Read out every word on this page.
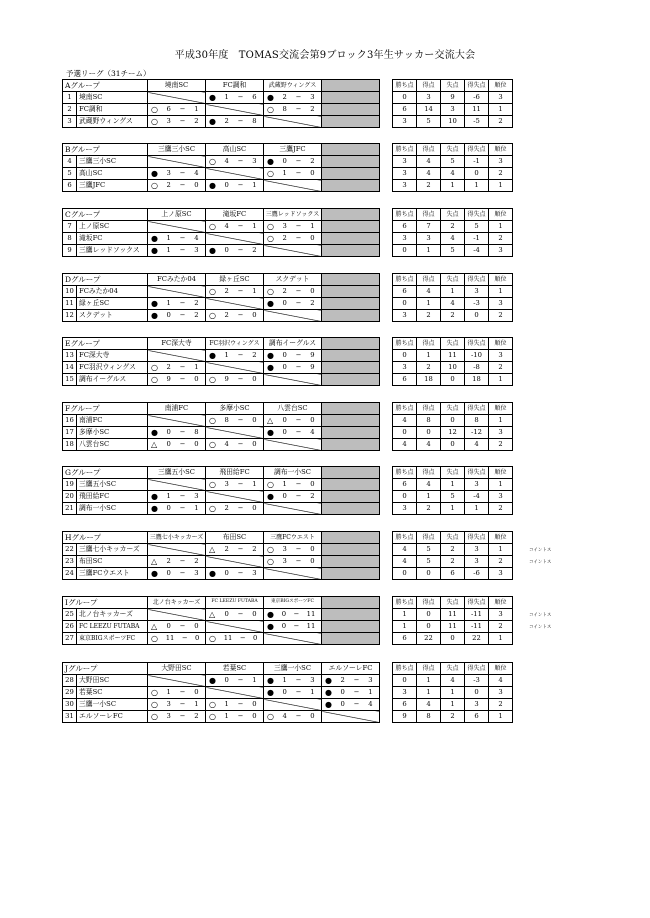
平成30年度　TOMAS交流会第9ブロック3年生サッカー交流大会
予選リーグ（31チーム）
Aグループ		境南SC	FC調和	武蔵野ウィングス			勝ち点	得点	失点	得失点	順位
1	境南SC		● 1 − 6	● 2 − 3			0	3	9	-6	3
2	FC調和	○ 6 − 1		○ 8 − 2			6	14	3	11	1
3	武蔵野ウィングス	○ 3 − 2	● 2 − 8				3	5	10	-5	2
Bグループ		三鷹三小SC	高山SC	三鷹JFC			勝ち点	得点	失点	得失点	順位
4	三鷹三小SC		○ 4 − 3	● 0 − 2			3	4	5	-1	3
5	高山SC	● 3 − 4		○ 1 − 0			3	4	4	0	2
6	三鷹JFC	○ 2 − 0	● 0 − 1				3	2	1	1	1
Cグループ		上ノ原SC	滝坂FC	三鷹レッドソックス			勝ち点	得点	失点	得失点	順位
7	上ノ原SC		○ 4 − 1	○ 3 − 1			6	7	2	5	1
8	滝坂FC	● 1 − 4		○ 2 − 0			3	3	4	-1	2
9	三鷹レッドソックス	● 1 − 3	● 0 − 2				0	1	5	-4	3
Dグループ		FCみたか04	緑ヶ丘SC	スクデット			勝ち点	得点	失点	得失点	順位
10	FCみたか04		○ 2 − 1	○ 2 − 0			6	4	1	3	1
11	緑ヶ丘SC	● 1 − 2		● 0 − 2			0	1	4	-3	3
12	スクデット	● 0 − 2	○ 2 − 0				3	2	2	0	2
Eグループ		FC深大寺	FC羽沢ウィングス	調布イーグルス			勝ち点	得点	失点	得失点	順位
13	FC深大寺		● 1 − 2	● 0 − 9			0	1	11	-10	3
14	FC羽沢ウィングス	○ 2 − 1		● 0 − 9			3	2	10	-8	2
15	調布イーグルス	○ 9 − 0	○ 9 − 0				6	18	0	18	1
Fグループ		南浦FC	多摩小SC	八雲台SC			勝ち点	得点	失点	得失点	順位
16	南浦FC		○ 8 − 0	△ 0 − 0			4	8	0	8	1
17	多摩小SC	● 0 − 8		● 0 − 4			0	0	12	-12	3
18	八雲台SC	△ 0 − 0	○ 4 − 0				4	4	0	4	2
Gグループ		三鷹五小SC	飛田給FC	調布一小SC			勝ち点	得点	失点	得失点	順位
19	三鷹五小SC		○ 3 − 1	○ 1 − 0			6	4	1	3	1
20	飛田給FC	● 1 − 3		● 0 − 2			0	1	5	-4	3
21	調布一小SC	● 0 − 1	○ 2 − 0				3	2	1	1	2
コイントス
コイントス
Hグループ		三鷹七小キッカーズ	布田SC	三鷹FCウエスト			勝ち点	得点	失点	得失点	順位
22	三鷹七小キッカーズ		△ 2 − 2	○ 3 − 0			4	5	2	3	1
23	布田SC	△ 2 − 2		○ 3 − 0			4	5	2	3	2
24	三鷹FCウエスト	● 0 − 3	● 0 − 3				0	0	6	-6	3
コイントス
コイントス
Iグループ		北ノ台キッカーズ	FC LEEZU FUTABA	東京BIGスポーツFC			勝ち点	得点	失点	得失点	順位
25	北ノ台キッカーズ		△ 0 − 0	● 0 − 11			1	0	11	-11	3
26	FC LEEZU FUTABA	△ 0 − 0		● 0 − 11			1	0	11	-11	2
27	東京BIGスポーツFC	○ 11 − 0	○ 11 − 0				6	22	0	22	1
Jグループ		大野田SC	若葉SC	三鷹一小SC	エルソーレFC		勝ち点	得点	失点	得失点	順位
28	大野田SC		● 0 − 1	● 1 − 3	● 2 − 3		0	1	4	-3	4
29	若葉SC	○ 1 − 0		● 0 − 1	● 0 − 1		3	1	1	0	3
30	三鷹一小SC	○ 3 − 1	○ 1 − 0		● 0 − 4		6	4	1	3	2
31	エルソーレFC	○ 3 − 2	○ 1 − 0	○ 4 − 0			9	8	2	6	1
